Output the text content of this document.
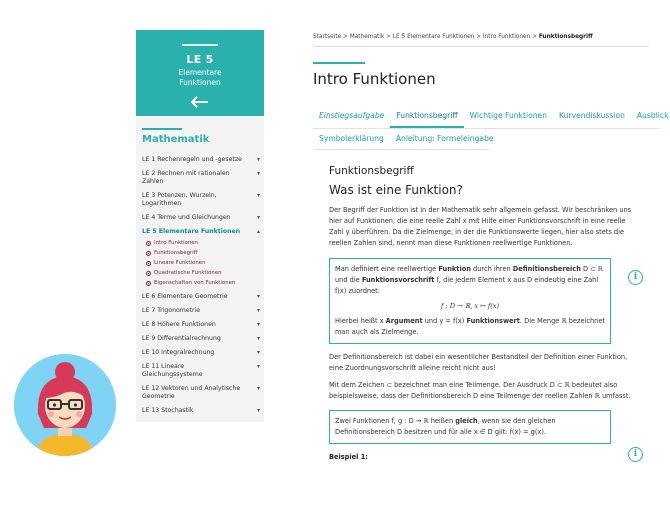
LE 5
Elementare
Funktionen
Mathematik
LE 1 Rechenregeln und -gesetze	▾
LE 2 Rechnen mit rationalen Zahlen
▾
LE 3 Potenzen, Wurzeln, Logarithmen
▾
LE 4 Terme und Gleichungen	▾
LE 5 Elementare Funktionen	▴
Intro Funktionen
Funktionsbegriff
Lineare Funktionen
Quadratische Funktionen
Eigenschaften von Funktionen
LE 6 Elementare Geometrie	▾
LE 7 Trigonometrie	▾
LE 8 Höhere Funktionen	▾
LE 9 Differentialrechnung	▾
LE 10 Integralrechnung	▾
LE 11 Lineare Gleichungssysteme
▾
LE 12 Vektoren und Analytische Geometrie
▾
LE 13 Stochastik	▾
Startseite > Mathematik > LE 5 Elementare Funktionen > Intro Funktionen > Funktionsbegriff
Intro Funktionen
Einstiegsaufgabe	Funktionsbegriff	Wichtige Funktionen	Kurvendiskussion	Ausblick
Symbolerklärung	Anleitung: Formeleingabe
Funktionsbegriff
Was ist eine Funktion?
Der Begriff der Funktion ist in der Mathematik sehr allgemein gefasst. Wir beschränken uns hier auf Funktionen, die eine reelle Zahl x mit Hilfe einer Funktionsvorschrift in eine reelle Zahl y überführen. Da die Zielmenge, in der die Funktionswerte liegen, hier also stets die reellen Zahlen sind, nennt man diese Funktionen reellwertige Funktionen.
Man definiert eine reellwertige Funktion durch ihren Definitionsbereich D ⊂ ℝ und die Funktionsvorschrift f, die jedem Element x aus D eindeutig eine Zahl f(x) zuordnet:
f : D → ℝ, x ↦ f(x)
Hierbei heißt x Argument und y = f(x) Funktionswert. Die Menge ℝ bezeichnet man auch als Zielmenge.
Der Definitionsbereich ist dabei ein wesentlicher Bestandteil der Definition einer Funktion, eine Zuordnungsvorschrift alleine reicht nicht aus!
Mit dem Zeichen ⊂ bezeichnet man eine Teilmenge. Der Ausdruck D ⊂ ℝ bedeutet also beispielsweise, dass der Definitionsbereich D eine Teilmenge der reellen Zahlen ℝ umfasst.
Zwei Funktionen f, g : D → ℝ heißen gleich, wenn sie den gleichen Definitionsbereich D besitzen und für alle x ∈ D gilt: f(x) = g(x).
Beispiel 1:
i
i
